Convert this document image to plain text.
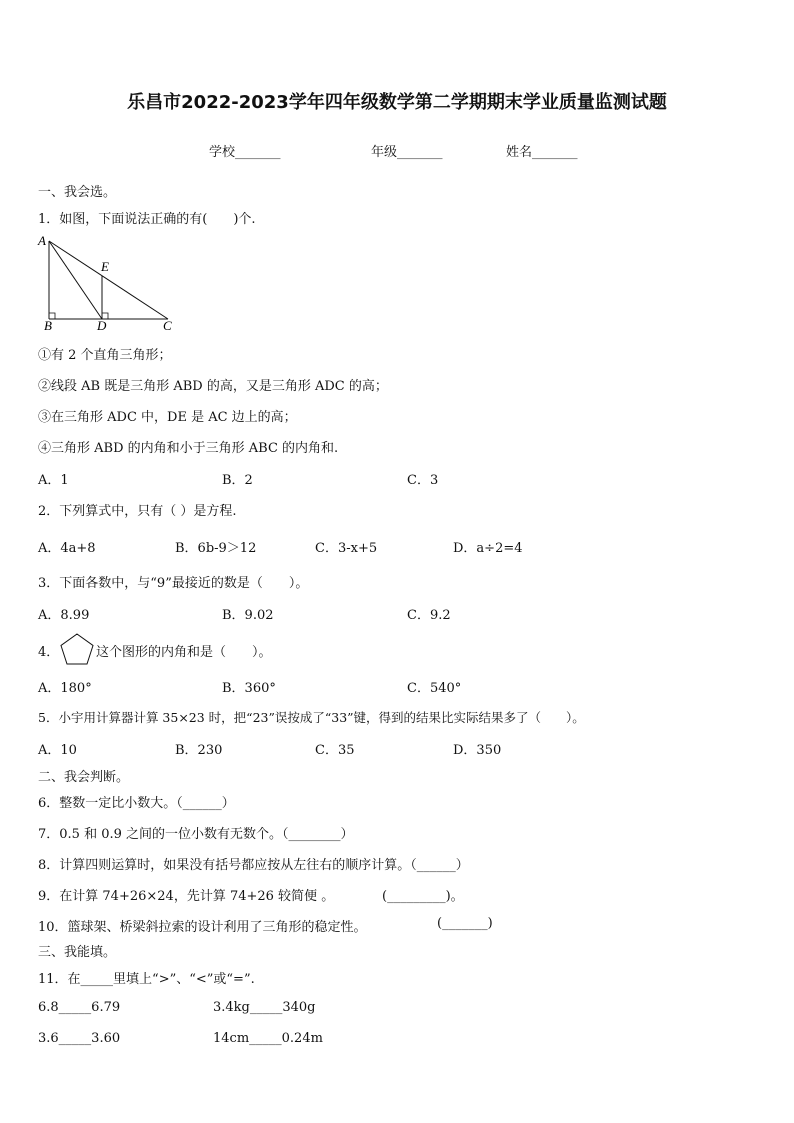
乐昌市2022-2023学年四年级数学第二学期期末学业质量监测试题
学校_______	年级_______	姓名_______
一、我会选。
1．如图，下面说法正确的有(　　)个.
A
E
B	D	C
①有 2 个直角三角形；
②线段 AB 既是三角形 ABD 的高，又是三角形 ADC 的高；
③在三角形 ADC 中，DE 是 AC 边上的高；
④三角形 ABD 的内角和小于三角形 ABC 的内角和.
A．1	B．2	C．3
2．下列算式中，只有（ ）是方程.
A．4a+8	B．6b-9＞12	C．3-x+5	D．a÷2=4
3．下面各数中，与“9”最接近的数是（　　）。
A．8.99	B．9.02	C．9.2
4．	这个图形的内角和是（　　）。
A．180°	B．360°	C．540°
5．小宇用计算器计算 35×23 时，把“23”误按成了“33”键，得到的结果比实际结果多了（　　）。
A．10	B．230	C．35	D．350
二、我会判断。
6．整数一定比小数大。（______）
7．0.5 和 0.9 之间的一位小数有无数个。（________）
8．计算四则运算时，如果没有括号都应按从左往右的顺序计算。（______）
9．在计算 74+26×24，先计算 74+26 较简便 。	(_________)。
10．篮球架、桥梁斜拉索的设计利用了三角形的稳定性。	(_______)
三、我能填。
11．在_____里填上“>”、“<”或“=”.
6.8_____6.79	3.4kg_____340g
3.6_____3.60	14cm_____0.24m
